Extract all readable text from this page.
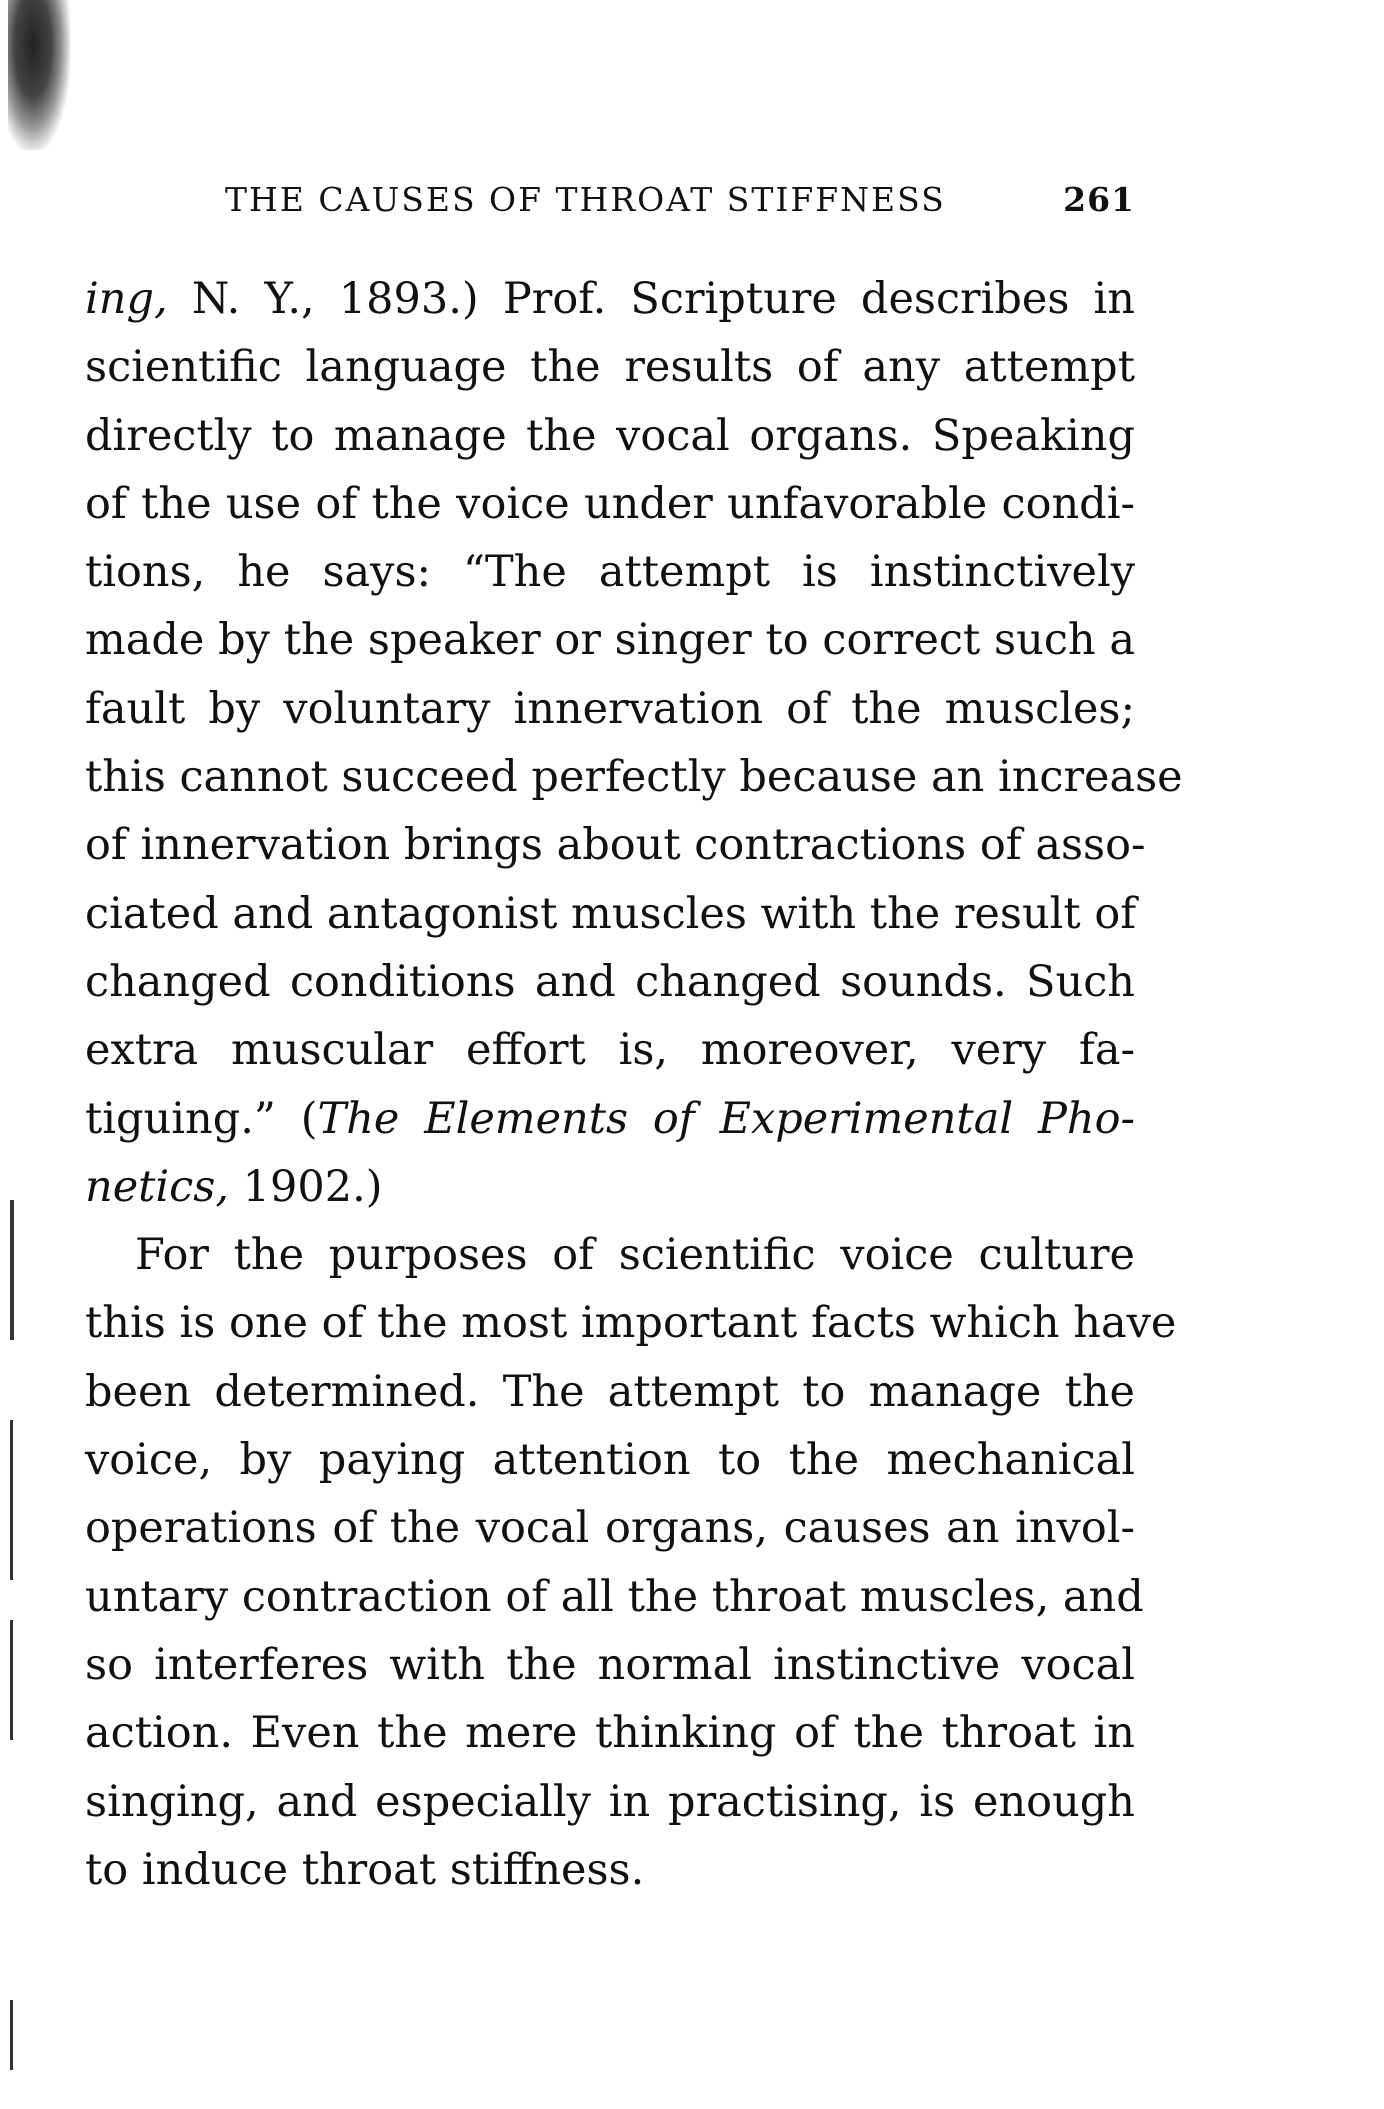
THE CAUSES OF THROAT STIFFNESS	261
ing, N. Y., 1893.) Prof. Scripture describes in
scientific language the results of any attempt
directly to manage the vocal organs. Speaking
of the use of the voice under unfavorable condi-
tions, he says: “The attempt is instinctively
made by the speaker or singer to correct such a
fault by voluntary innervation of the muscles;
this cannot succeed perfectly because an increase
of innervation brings about contractions of asso-
ciated and antagonist muscles with the result of
changed conditions and changed sounds. Such
extra muscular effort is, moreover, very fa-
tiguing.” (The Elements of Experimental Pho-
netics, 1902.)
For the purposes of scientific voice culture
this is one of the most important facts which have
been determined. The attempt to manage the
voice, by paying attention to the mechanical
operations of the vocal organs, causes an invol-
untary contraction of all the throat muscles, and
so interferes with the normal instinctive vocal
action. Even the mere thinking of the throat in
singing, and especially in practising, is enough
to induce throat stiffness.
